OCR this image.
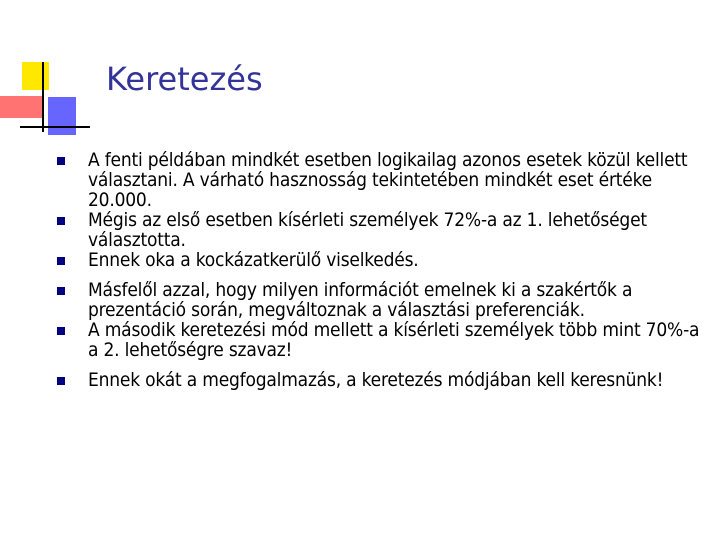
Keretezés
A fenti példában mindkét esetben logikailag azonos esetek közül kellett választani. A várható hasznosság tekintetében mindkét eset értéke 20.000.
Mégis az első esetben kísérleti személyek 72%-a az 1. lehetőséget választotta.
Ennek oka a kockázatkerülő viselkedés.
Másfelől azzal, hogy milyen információt emelnek ki a szakértők a prezentáció során, megváltoznak a választási preferenciák.
A második keretezési mód mellett a kísérleti személyek több mint 70%-a a 2. lehetőségre szavaz!
Ennek okát a megfogalmazás, a keretezés módjában kell keresnünk!
